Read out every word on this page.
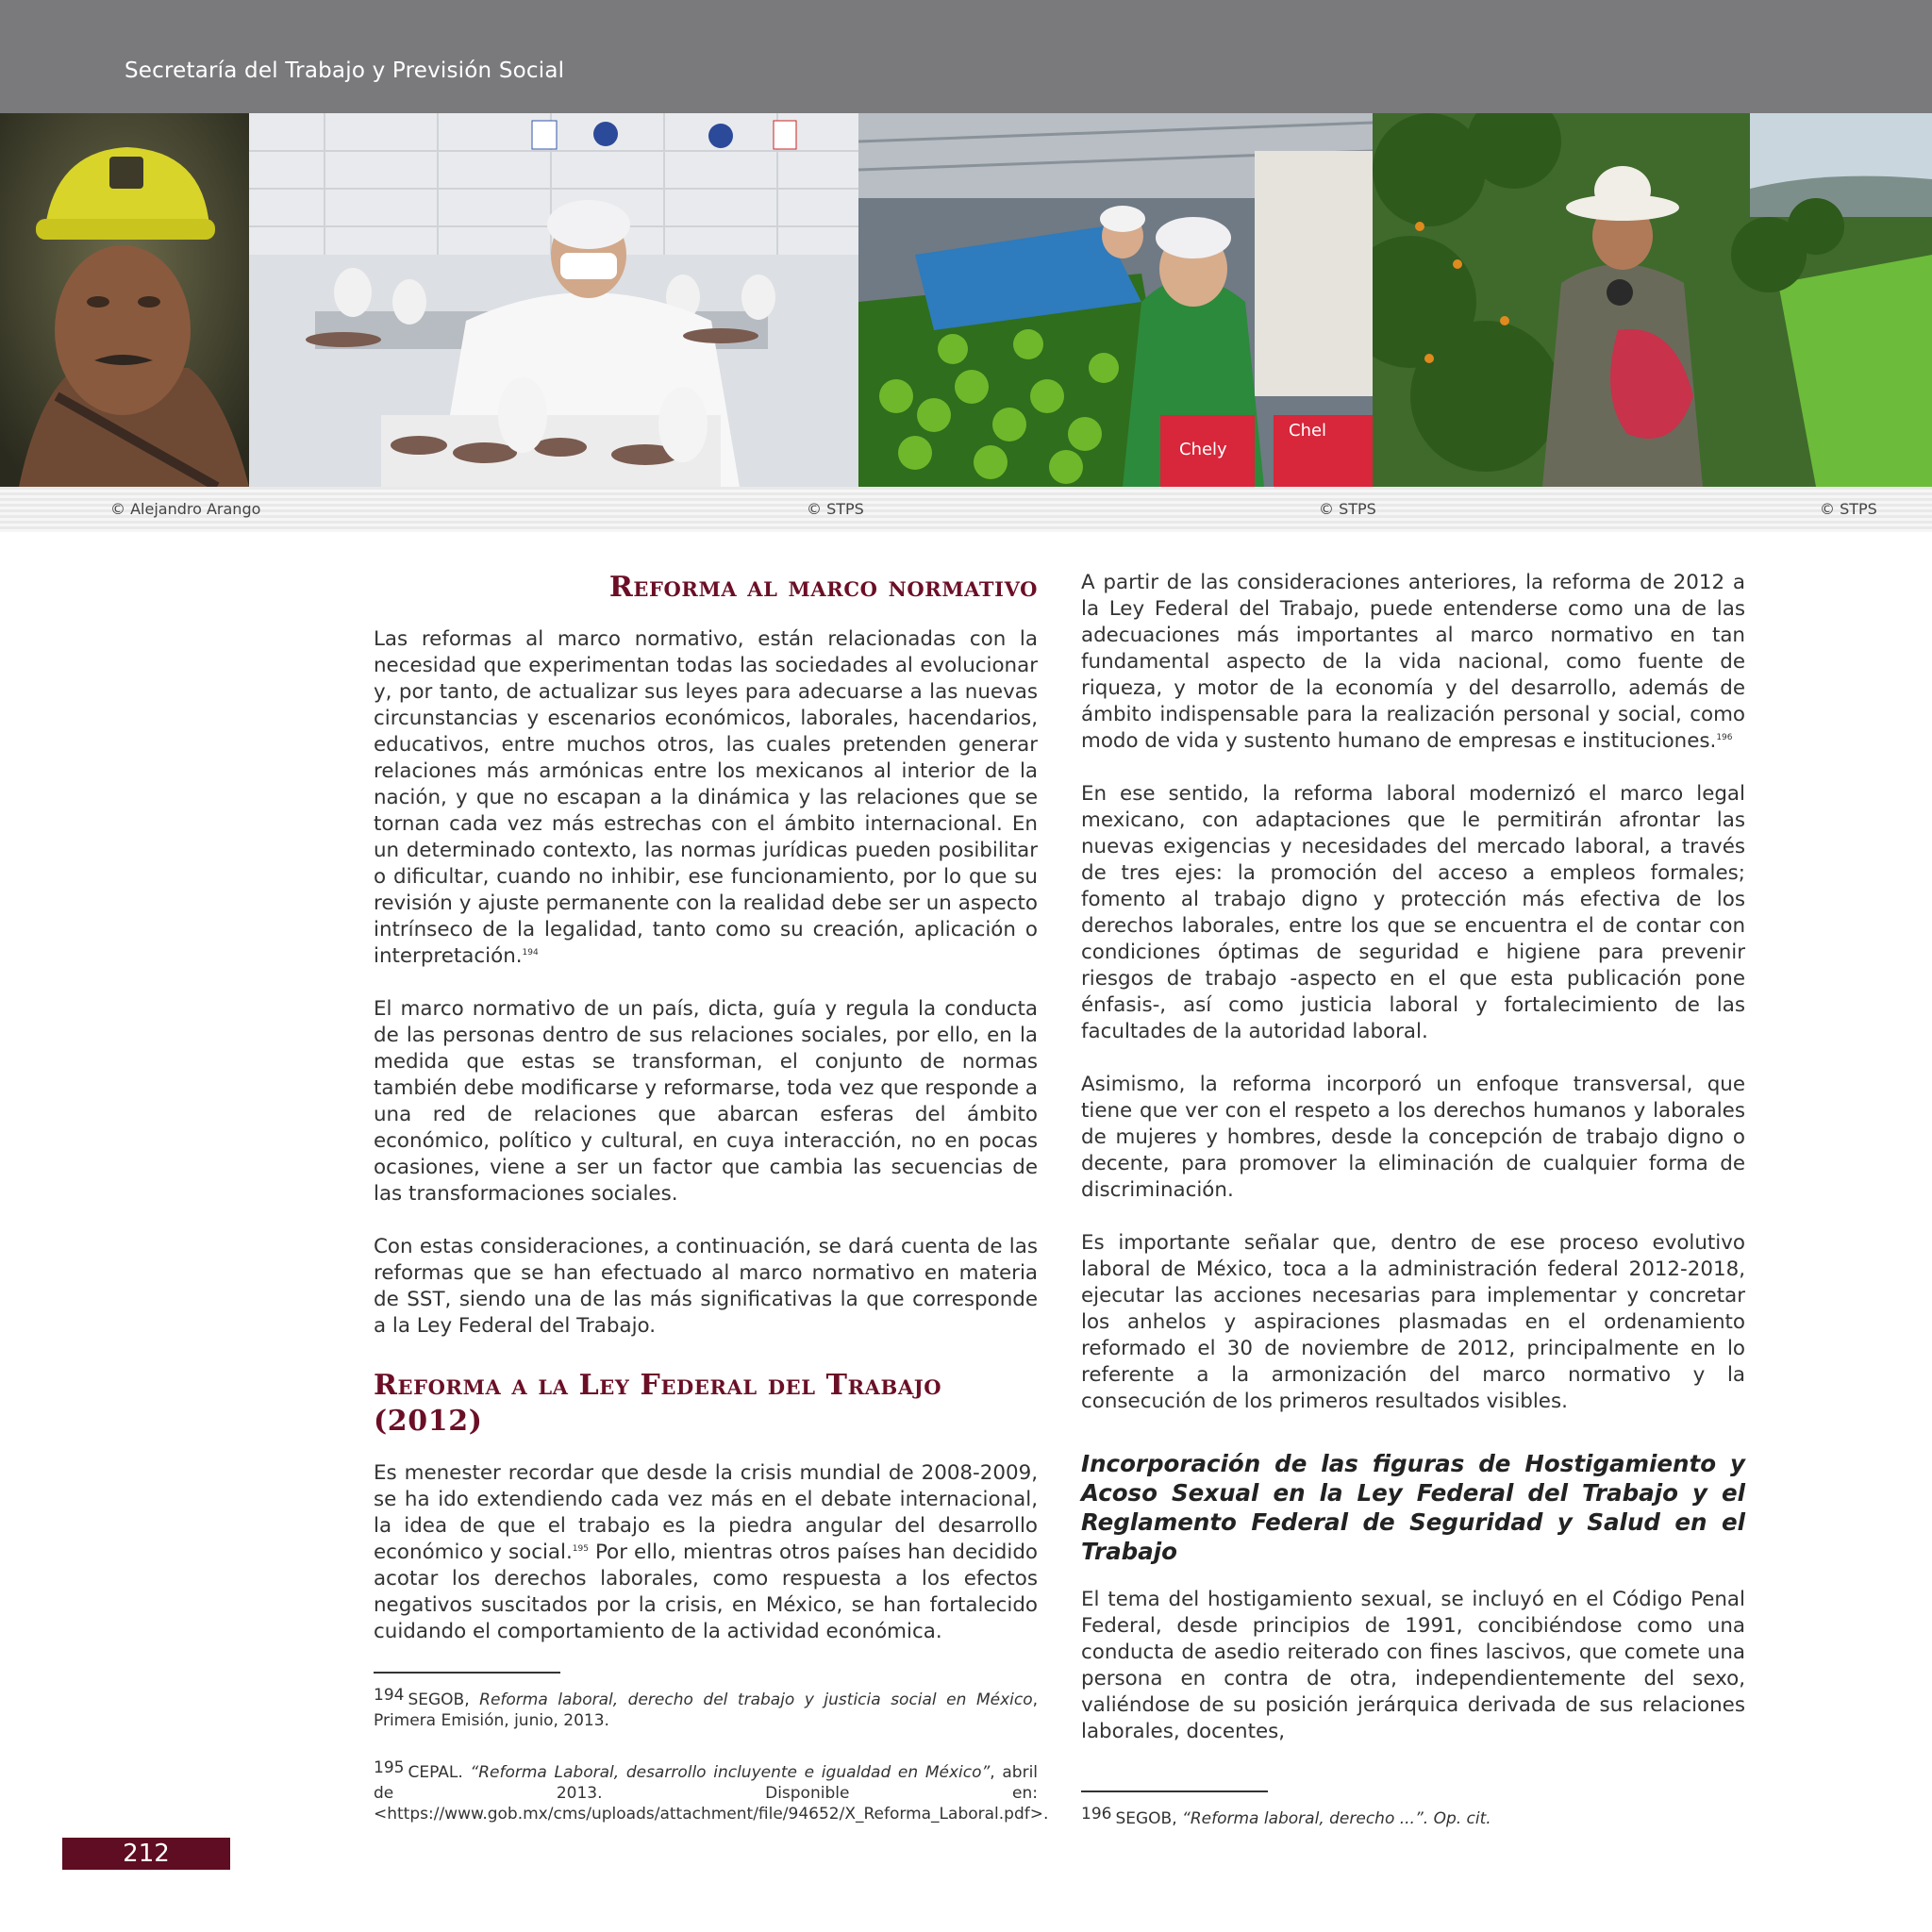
Secretaría del Trabajo y Previsión Social
Chely
Chel
© Alejandro Arango	© STPS	© STPS	© STPS
Reforma al marco normativo

Las reformas al marco normativo, están relacionadas con la necesidad que experimentan todas las sociedades al evolucionar y, por tanto, de actualizar sus leyes para adecuarse a las nuevas circunstancias y escenarios económicos, laborales, hacendarios, educativos, entre muchos otros, las cuales pretenden generar relaciones más armónicas entre los mexicanos al interior de la nación, y que no escapan a la dinámica y las relaciones que se tornan cada vez más estrechas con el ámbito internacional. En un determinado contexto, las normas jurídicas pueden posibilitar o dificultar, cuando no inhibir, ese funcionamiento, por lo que su revisión y ajuste permanente con la realidad debe ser un aspecto intrínseco de la legalidad, tanto como su creación, aplicación o interpretación.$^{194}$

El marco normativo de un país, dicta, guía y regula la conducta de las personas dentro de sus relaciones sociales, por ello, en la medida que estas se transforman, el conjunto de normas también debe modificarse y reformarse, toda vez que responde a una red de relaciones que abarcan esferas del ámbito económico, político y cultural, en cuya interacción, no en pocas ocasiones, viene a ser un factor que cambia las secuencias de las transformaciones sociales.

Con estas consideraciones, a continuación, se dará cuenta de las reformas que se han efectuado al marco normativo en materia de SST, siendo una de las más significativas la que corresponde a la Ley Federal del Trabajo.

Reforma a la Ley Federal del Trabajo (2012)

Es menester recordar que desde la crisis mundial de 2008-2009, se ha ido extendiendo cada vez más en el debate internacional, la idea de que el trabajo es la piedra angular del desarrollo económico y social.$^{195}$ Por ello, mientras otros países han decidido acotar los derechos laborales, como respuesta a los efectos negativos suscitados por la crisis, en México, se han fortalecido cuidando el comportamiento de la actividad económica.

194 SEGOB, Reforma laboral, derecho del trabajo y justicia social en México, Primera Emisión, junio, 2013.

195 CEPAL. “Reforma Laboral, desarrollo incluyente e igualdad en México”, abril de 2013. Disponible en: <https://www.gob.mx/cms/uploads/attachment/file/94652/X_Reforma_Laboral.pdf>.

A partir de las consideraciones anteriores, la reforma de 2012 a la Ley Federal del Trabajo, puede entenderse como una de las adecuaciones más importantes al marco normativo en tan fundamental aspecto de la vida nacional, como fuente de riqueza, y motor de la economía y del desarrollo, además de ámbito indispensable para la realización personal y social, como modo de vida y sustento humano de empresas e instituciones.$^{196}$

En ese sentido, la reforma laboral modernizó el marco legal mexicano, con adaptaciones que le permitirán afrontar las nuevas exigencias y necesidades del mercado laboral, a través de tres ejes: la promoción del acceso a empleos formales; fomento al trabajo digno y protección más efectiva de los derechos laborales, entre los que se encuentra el de contar con condiciones óptimas de seguridad e higiene para prevenir riesgos de trabajo -aspecto en el que esta publicación pone énfasis-, así como justicia laboral y fortalecimiento de las facultades de la autoridad laboral.

Asimismo, la reforma incorporó un enfoque transversal, que tiene que ver con el respeto a los derechos humanos y laborales de mujeres y hombres, desde la concepción de trabajo digno o decente, para promover la eliminación de cualquier forma de discriminación.

Es importante señalar que, dentro de ese proceso evolutivo laboral de México, toca a la administración federal 2012-2018, ejecutar las acciones necesarias para implementar y concretar los anhelos y aspiraciones plasmadas en el ordenamiento reformado el 30 de noviembre de 2012, principalmente en lo referente a la armonización del marco normativo y la consecución de los primeros resultados visibles.

Incorporación de las figuras de Hostigamiento y Acoso Sexual en la Ley Federal del Trabajo y el Reglamento Federal de Seguridad y Salud en el Trabajo

El tema del hostigamiento sexual, se incluyó en el Código Penal Federal, desde principios de 1991, concibiéndose como una conducta de asedio reiterado con fines lascivos, que comete una persona en contra de otra, independientemente del sexo, valiéndose de su posición jerárquica derivada de sus relaciones laborales, docentes,

196 SEGOB, “Reforma laboral, derecho ...”. Op. cit.

212
